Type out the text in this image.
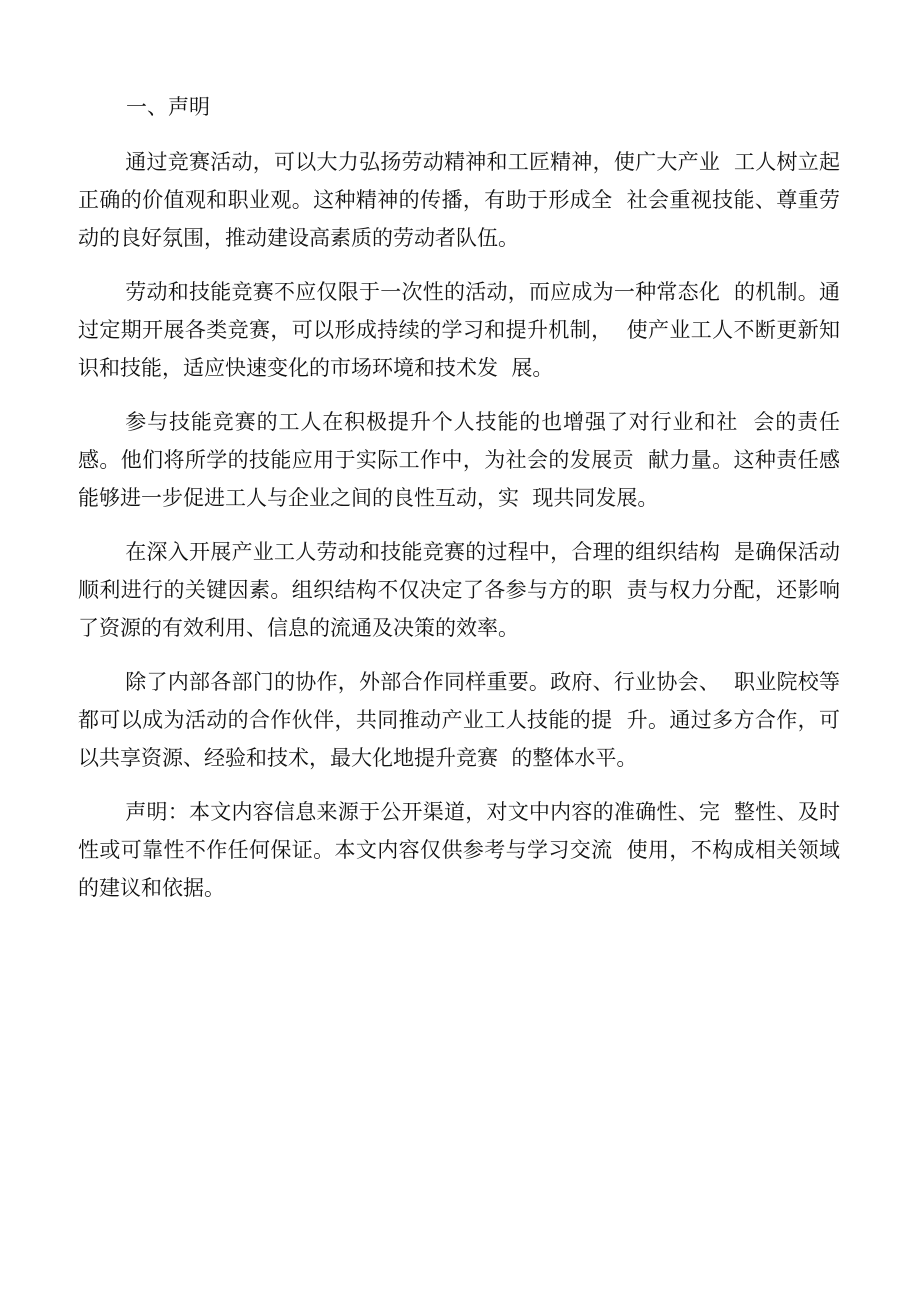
一、声明

通过竞赛活动，可以大力弘扬劳动精神和工匠精神，使广大产业  工人树立起正确的价值观和职业观。这种精神的传播，有助于形成全  社会重视技能、尊重劳动的良好氛围，推动建设高素质的劳动者队伍。

劳动和技能竞赛不应仅限于一次性的活动，而应成为一种常态化  的机制。通过定期开展各类竞赛，可以形成持续的学习和提升机制，  使产业工人不断更新知识和技能，适应快速变化的市场环境和技术发  展。

参与技能竞赛的工人在积极提升个人技能的也增强了对行业和社  会的责任感。他们将所学的技能应用于实际工作中，为社会的发展贡  献力量。这种责任感能够进一步促进工人与企业之间的良性互动，实  现共同发展。

在深入开展产业工人劳动和技能竞赛的过程中，合理的组织结构  是确保活动顺利进行的关键因素。组织结构不仅决定了各参与方的职  责与权力分配，还影响了资源的有效利用、信息的流通及决策的效率。

除了内部各部门的协作，外部合作同样重要。政府、行业协会、  职业院校等都可以成为活动的合作伙伴，共同推动产业工人技能的提  升。通过多方合作，可以共享资源、经验和技术，最大化地提升竞赛  的整体水平。

声明：本文内容信息来源于公开渠道，对文中内容的准确性、完  整性、及时性或可靠性不作任何保证。本文内容仅供参考与学习交流  使用，不构成相关领域的建议和依据。
